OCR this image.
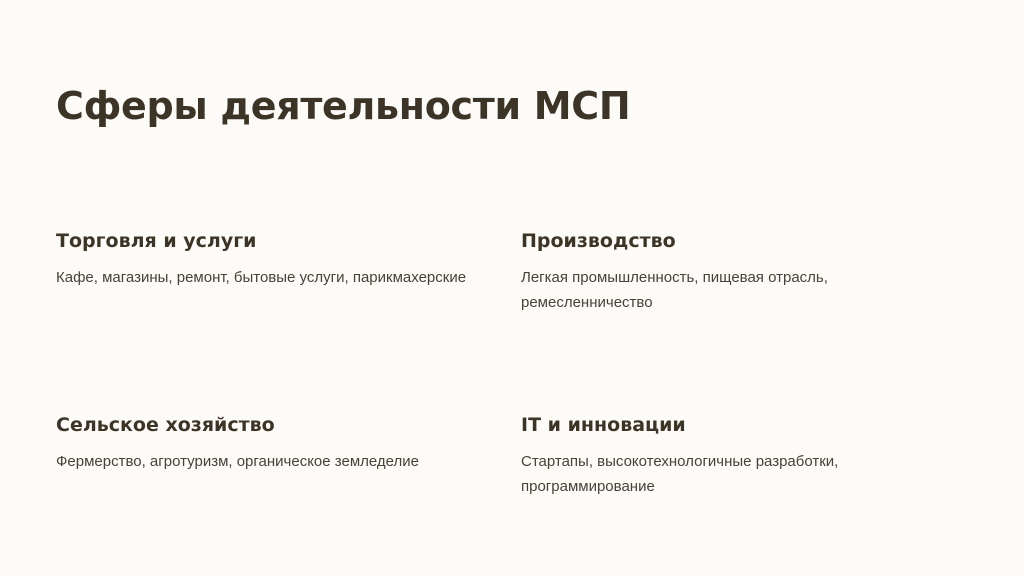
Сферы деятельности МСП
Торговля и услуги

Кафе, магазины, ремонт, бытовые услуги, парикмахерские

Производство

Легкая промышленность, пищевая отрасль, ремесленничество

Сельское хозяйство

Фермерство, агротуризм, органическое земледелие

IT и инновации

Стартапы, высокотехнологичные разработки, программирование
